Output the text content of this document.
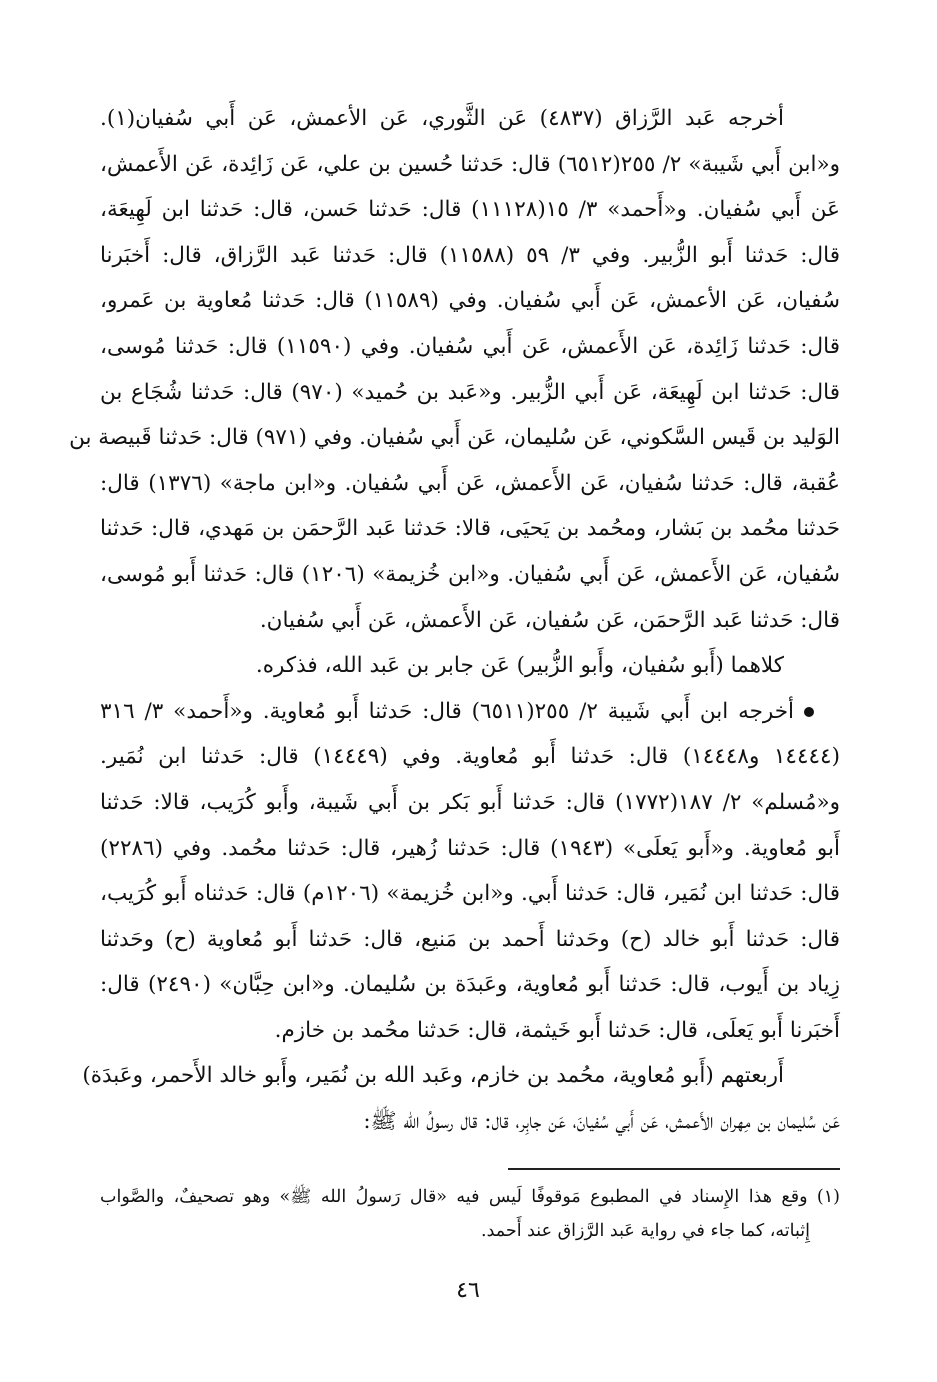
أخرجه عَبد الرَّزاق (٤٨٣٧) عَن الثَّوري، عَن الأعمش، عَن أَبي سُفيان(١).
و«ابن أَبي شَيبة» ٢/ ٢٥٥(٦٥١٢) قال: حَدثنا حُسين بن علي، عَن زَائِدة، عَن الأَعمش،
عَن أَبي سُفيان. و«أَحمد» ٣/ ١٥(١١١٢٨) قال: حَدثنا حَسن، قال: حَدثنا ابن لَهِيعَة،
قال: حَدثنا أَبو الزُّبير. وفي ٣/ ٥٩ (١١٥٨٨) قال: حَدثنا عَبد الرَّزاق، قال: أَخبَرنا
سُفيان، عَن الأعمش، عَن أَبي سُفيان. وفي (١١٥٨٩) قال: حَدثنا مُعاوية بن عَمرو،
قال: حَدثنا زَائِدة، عَن الأَعمش، عَن أَبي سُفيان. وفي (١١٥٩٠) قال: حَدثنا مُوسى،
قال: حَدثنا ابن لَهِيعَة، عَن أَبي الزُّبير. و«عَبد بن حُميد» (٩٧٠) قال: حَدثنا شُجَاع بن
الوَليد بن قَيس السَّكوني، عَن سُليمان، عَن أَبي سُفيان. وفي (٩٧١) قال: حَدثنا قَبيصة بن
عُقبة، قال: حَدثنا سُفيان، عَن الأَعمش، عَن أَبي سُفيان. و«ابن ماجة» (١٣٧٦) قال:
حَدثنا محُمد بن بَشار، ومحُمد بن يَحيَى، قالا: حَدثنا عَبد الرَّحمَن بن مَهدي، قال: حَدثنا
سُفيان، عَن الأَعمش، عَن أَبي سُفيان. و«ابن خُزيمة» (١٢٠٦) قال: حَدثنا أَبو مُوسى،
قال: حَدثنا عَبد الرَّحمَن، عَن سُفيان، عَن الأَعمش، عَن أَبي سُفيان.
كلاهما (أَبو سُفيان، وأَبو الزُّبير) عَن جابر بن عَبد الله، فذكره.
أخرجه ابن أَبي شَيبة ٢/ ٢٥٥(٦٥١١) قال: حَدثنا أَبو مُعاوية. و«أَحمد» ٣/ ٣١٦
(١٤٤٤٤ و١٤٤٤٨) قال: حَدثنا أَبو مُعاوية. وفي (١٤٤٤٩) قال: حَدثنا ابن نُمَير.
و«مُسلم» ٢/ ١٨٧(١٧٧٢) قال: حَدثنا أَبو بَكر بن أَبي شَيبة، وأَبو كُرَيب، قالا: حَدثنا
أَبو مُعاوية. و«أَبو يَعلَى» (١٩٤٣) قال: حَدثنا زُهير، قال: حَدثنا محُمد. وفي (٢٢٨٦)
قال: حَدثنا ابن نُمَير، قال: حَدثنا أَبي. و«ابن خُزيمة» (١٢٠٦م) قال: حَدثناه أَبو كُرَيب،
قال: حَدثنا أَبو خالد (ح) وحَدثنا أَحمد بن مَنيع، قال: حَدثنا أَبو مُعاوية (ح) وحَدثنا
زِياد بن أَيوب، قال: حَدثنا أَبو مُعاوية، وعَبدَة بن سُليمان. و«ابن حِبَّان» (٢٤٩٠) قال:
أَخبَرنا أَبو يَعلَى، قال: حَدثنا أَبو خَيثمة، قال: حَدثنا محُمد بن خازم.
أَربعتهم (أَبو مُعاوية، محُمد بن خازم، وعَبد الله بن نُمَير، وأَبو خالد الأَحمر، وعَبدَة)
عَن سُليمان بن مِهران الأَعمش، عَن أَبي سُفيانَ، عَن جابِر، قال: قال رسولُ الله ﷺ:
(١) وقع هذا الإِسناد في المطبوع مَوقوفًا لَيس فيه «قال رَسولُ الله ﷺ» وهو تصحيفٌ، والصَّواب
إِثباته، كما جاء في رواية عَبد الرَّزاق عند أَحمد.
٤٦
